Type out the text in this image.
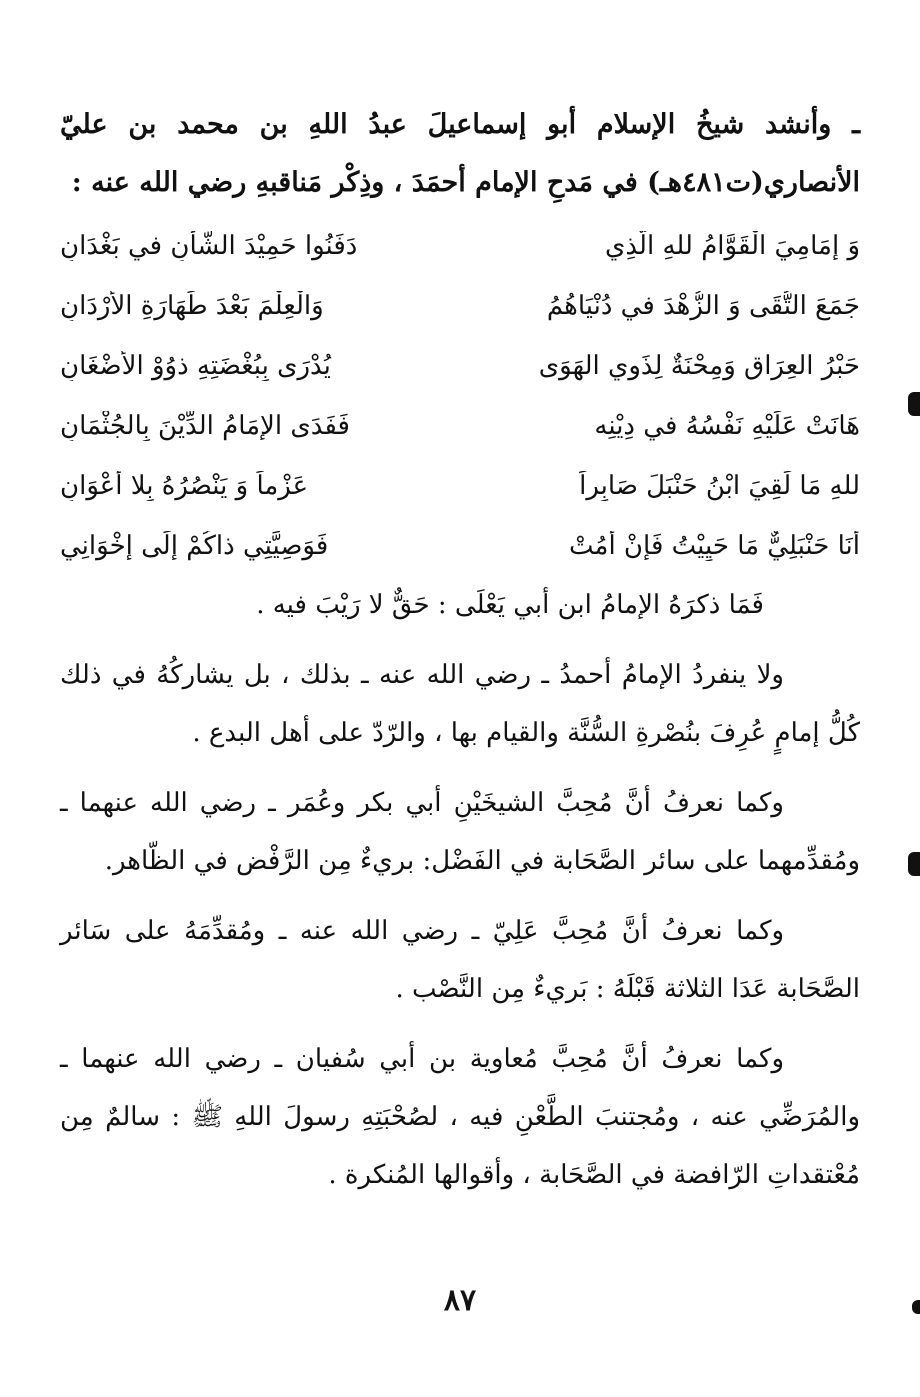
ـ وأنشد شيخُ الإسلام أبو إسماعيلَ عبدُ اللهِ بن محمد بن عليّ الأنصاري(ت٤٨١هـ) في مَدحِ الإمام أحمَدَ ، وذِكْر مَناقبهِ رضي الله عنه :

وَ إمَامِيَ الْقَوَّامُ للهِ الَّذِي
دَفَنُوا حَمِيْدَ الشَّأنِ في بَغْدَانِ
جَمَعَ التُّقَى وَ الزُّهْدَ في دُنْيَاهُمُ
وَالْعِلْمَ بَعْدَ طَهَارَةِ الأَرْدَانِ
حَبْرُ العِرَاقِ وَمِحْنَةٌ لِذَوِي الهَوَى
يُدْرَى بِبُغْضَتِهِ ذوُوْ الأضْغَانِ
هَانَتْ عَلَيْهِ نَفْسُهُ في دِيْنِه
فَفَدَى الإمَامُ الدِّيْنَ بِالجُثْمَانِ
للهِ مَا لَقِيَ ابْنُ حَنْبَلَ صَابِراً
عَزْماً وَ يَنْصُرُهُ بِلا أعْوَانِ
أَنَا حَنْبَلِيٌّ مَا حَيِيْتُ فَإنْ أَمُتْ
فَوَصِيَّتِي ذاكُمْ إلَى إخْوَانِي

فَمَا ذكرَهُ الإمامُ ابن أبي يَعْلَى : حَقٌّ لا رَيْبَ فيه .

ولا ينفردُ الإمامُ أحمدُ ـ رضي الله عنه ـ بذلك ، بل يشاركُهُ في ذلك كُلُّ إمامٍ عُرِفَ بنُصْرةِ السُّنَّة والقيام بها ، والرّدّ على أهل البدع .

وكما نعرفُ أنَّ مُحِبَّ الشيخَيْنِ أبي بكر وعُمَر ـ رضي الله عنهما ـ ومُقدِّمهما على سائر الصَّحَابة في الفَضْل: بريءٌ مِن الرَّفْض في الظّاهر.

وكما نعرفُ أنَّ مُحِبَّ عَلِيّ ـ رضي الله عنه ـ ومُقدِّمَهُ على سَائر الصَّحَابة عَدَا الثلاثة قَبْلَهُ : بَريءٌ مِن النَّصْب .

وكما نعرفُ أنَّ مُحِبَّ مُعاوية بن أبي سُفيان ـ رضي الله عنهما ـ والمُرَضِّي عنه ، ومُجتنبَ الطَّعْنِ فيه ، لصُحْبَتِهِ رسولَ اللهِ ﷺ : سالمٌ مِن مُعْتقداتِ الرّافضة في الصَّحَابة ، وأقوالها المُنكرة .

٨٧
